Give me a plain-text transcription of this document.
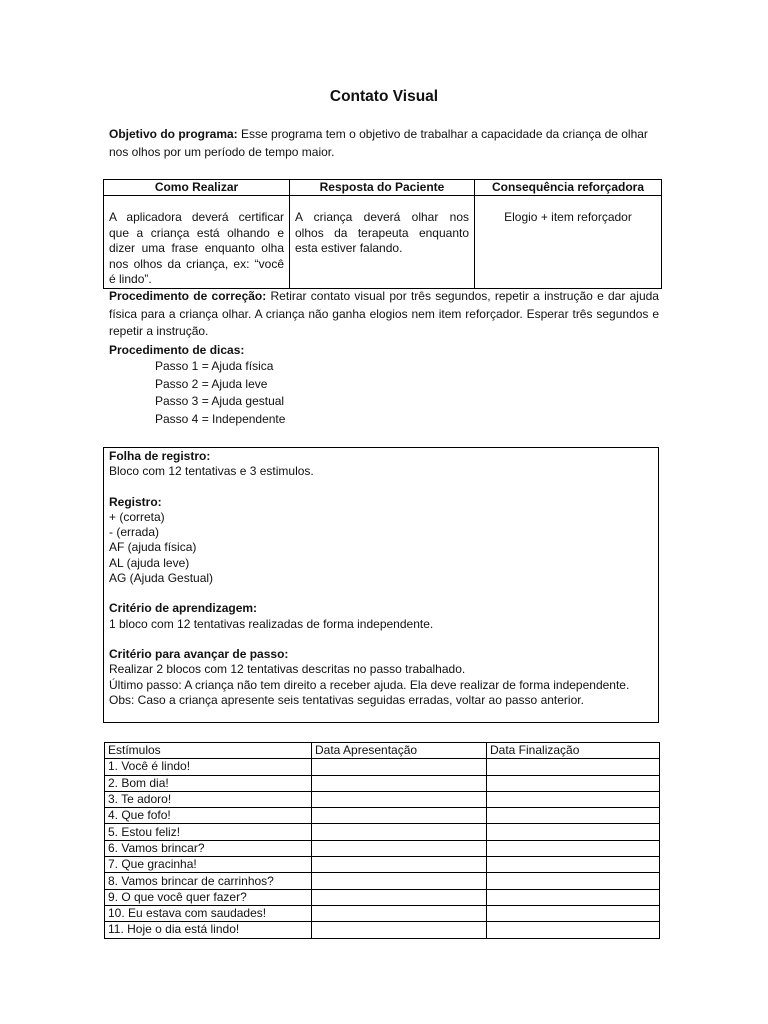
Contato Visual
Objetivo do programa: Esse programa tem o objetivo de trabalhar a capacidade da criança de olhar nos olhos por um período de tempo maior.
Como Realizar	Resposta do Paciente	Consequência reforçadora
A aplicadora deverá certificar que a criança está olhando e dizer uma frase enquanto olha nos olhos da criança, ex: “você é lindo”.	A criança deverá olhar nos olhos da terapeuta enquanto esta estiver falando.	Elogio + item reforçador
Procedimento de correção: Retirar contato visual por três segundos, repetir a instrução e dar ajuda física para a criança olhar. A criança não ganha elogios nem item reforçador. Esperar três segundos e repetir a instrução.
Procedimento de dicas:
Passo 1 = Ajuda física
Passo 2 = Ajuda leve
Passo 3 = Ajuda gestual
Passo 4 = Independente

Folha de registro:

Bloco com 12 tentativas e 3 estimulos.

Registro:

+ (correta)

- (errada)

AF (ajuda física)

AL (ajuda leve)

AG (Ajuda Gestual)

Critério de aprendizagem:

1 bloco com 12 tentativas realizadas de forma independente.

Critério para avançar de passo:

Realizar 2 blocos com 12 tentativas descritas no passo trabalhado.

Último passo: A criança não tem direito a receber ajuda. Ela deve realizar de forma independente.

Obs: Caso a criança apresente seis tentativas seguidas erradas, voltar ao passo anterior.

Estímulos	Data Apresentação	Data Finalização
1. Você é lindo!		
2. Bom dia!		
3. Te adoro!		
4. Que fofo!		
5. Estou feliz!		
6. Vamos brincar?		
7. Que gracinha!		
8. Vamos brincar de carrinhos?		
9. O que você quer fazer?		
10. Eu estava com saudades!		
11. Hoje o dia está lindo!		
